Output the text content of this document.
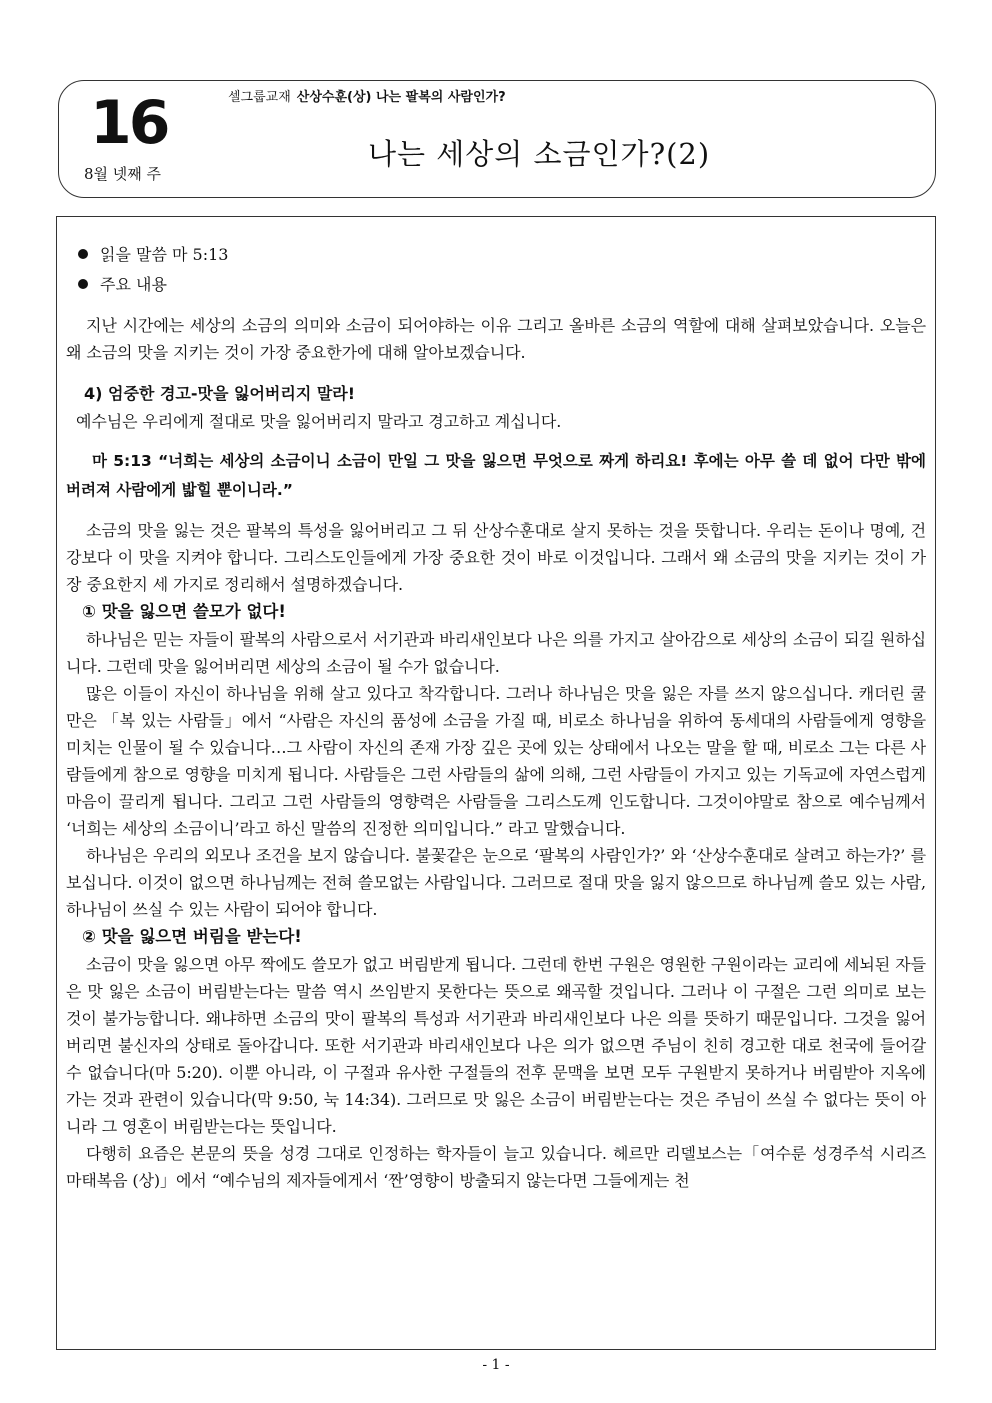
16
8월 넷째 주
셀그룹교재 산상수훈(상) 나는 팔복의 사람인가?
나는 세상의 소금인가?(2)

읽을 말씀 마 5:13

주요 내용

지난 시간에는 세상의 소금의 의미와 소금이 되어야하는 이유 그리고 올바른 소금의 역할에 대해 살펴보았습니다. 오늘은 왜 소금의 맛을 지키는 것이 가장 중요한가에 대해 알아보겠습니다.

4) 엄중한 경고-맛을 잃어버리지 말라!

예수님은 우리에게 절대로 맛을 잃어버리지 말라고 경고하고 계십니다.

마 5:13 “너희는 세상의 소금이니 소금이 만일 그 맛을 잃으면 무엇으로 짜게 하리요! 후에는 아무 쓸 데 없어 다만 밖에 버려져 사람에게 밟힐 뿐이니라.”

소금의 맛을 잃는 것은 팔복의 특성을 잃어버리고 그 뒤 산상수훈대로 살지 못하는 것을 뜻합니다. 우리는 돈이나 명예, 건강보다 이 맛을 지켜야 합니다. 그리스도인들에게 가장 중요한 것이 바로 이것입니다. 그래서 왜 소금의 맛을 지키는 것이 가장 중요한지 세 가지로 정리해서 설명하겠습니다.

① 맛을 잃으면 쓸모가 없다!

하나님은 믿는 자들이 팔복의 사람으로서 서기관과 바리새인보다 나은 의를 가지고 살아감으로 세상의 소금이 되길 원하십니다. 그런데 맛을 잃어버리면 세상의 소금이 될 수가 없습니다.

많은 이들이 자신이 하나님을 위해 살고 있다고 착각합니다. 그러나 하나님은 맛을 잃은 자를 쓰지 않으십니다. 캐더린 쿨만은 「복 있는 사람들」에서 “사람은 자신의 품성에 소금을 가질 때, 비로소 하나님을 위하여 동세대의 사람들에게 영향을 미치는 인물이 될 수 있습니다…그 사람이 자신의 존재 가장 깊은 곳에 있는 상태에서 나오는 말을 할 때, 비로소 그는 다른 사람들에게 참으로 영향을 미치게 됩니다. 사람들은 그런 사람들의 삶에 의해, 그런 사람들이 가지고 있는 기독교에 자연스럽게 마음이 끌리게 됩니다. 그리고 그런 사람들의 영향력은 사람들을 그리스도께 인도합니다. 그것이야말로 참으로 예수님께서 ‘너희는 세상의 소금이니’라고 하신 말씀의 진정한 의미입니다.” 라고 말했습니다.

하나님은 우리의 외모나 조건을 보지 않습니다. 불꽃같은 눈으로 ‘팔복의 사람인가?’ 와 ‘산상수훈대로 살려고 하는가?’ 를 보십니다. 이것이 없으면 하나님께는 전혀 쓸모없는 사람입니다. 그러므로 절대 맛을 잃지 않으므로 하나님께 쓸모 있는 사람, 하나님이 쓰실 수 있는 사람이 되어야 합니다.

② 맛을 잃으면 버림을 받는다!

소금이 맛을 잃으면 아무 짝에도 쓸모가 없고 버림받게 됩니다. 그런데 한번 구원은 영원한 구원이라는 교리에 세뇌된 자들은 맛 잃은 소금이 버림받는다는 말씀 역시 쓰임받지 못한다는 뜻으로 왜곡할 것입니다. 그러나 이 구절은 그런 의미로 보는 것이 불가능합니다. 왜냐하면 소금의 맛이 팔복의 특성과 서기관과 바리새인보다 나은 의를 뜻하기 때문입니다. 그것을 잃어버리면 불신자의 상태로 돌아갑니다. 또한 서기관과 바리새인보다 나은 의가 없으면 주님이 친히 경고한 대로 천국에 들어갈 수 없습니다(마 5:20). 이뿐 아니라, 이 구절과 유사한 구절들의 전후 문맥을 보면 모두 구원받지 못하거나 버림받아 지옥에 가는 것과 관련이 있습니다(막 9:50, 눅 14:34). 그러므로 맛 잃은 소금이 버림받는다는 것은 주님이 쓰실 수 없다는 뜻이 아니라 그 영혼이 버림받는다는 뜻입니다.

다행히 요즘은 본문의 뜻을 성경 그대로 인정하는 학자들이 늘고 있습니다. 헤르만 리델보스는「여수룬 성경주석 시리즈 마태복음 (상)」에서 “예수님의 제자들에게서 ‘짠’영향이 방출되지 않는다면 그들에게는 천

- 1 -
